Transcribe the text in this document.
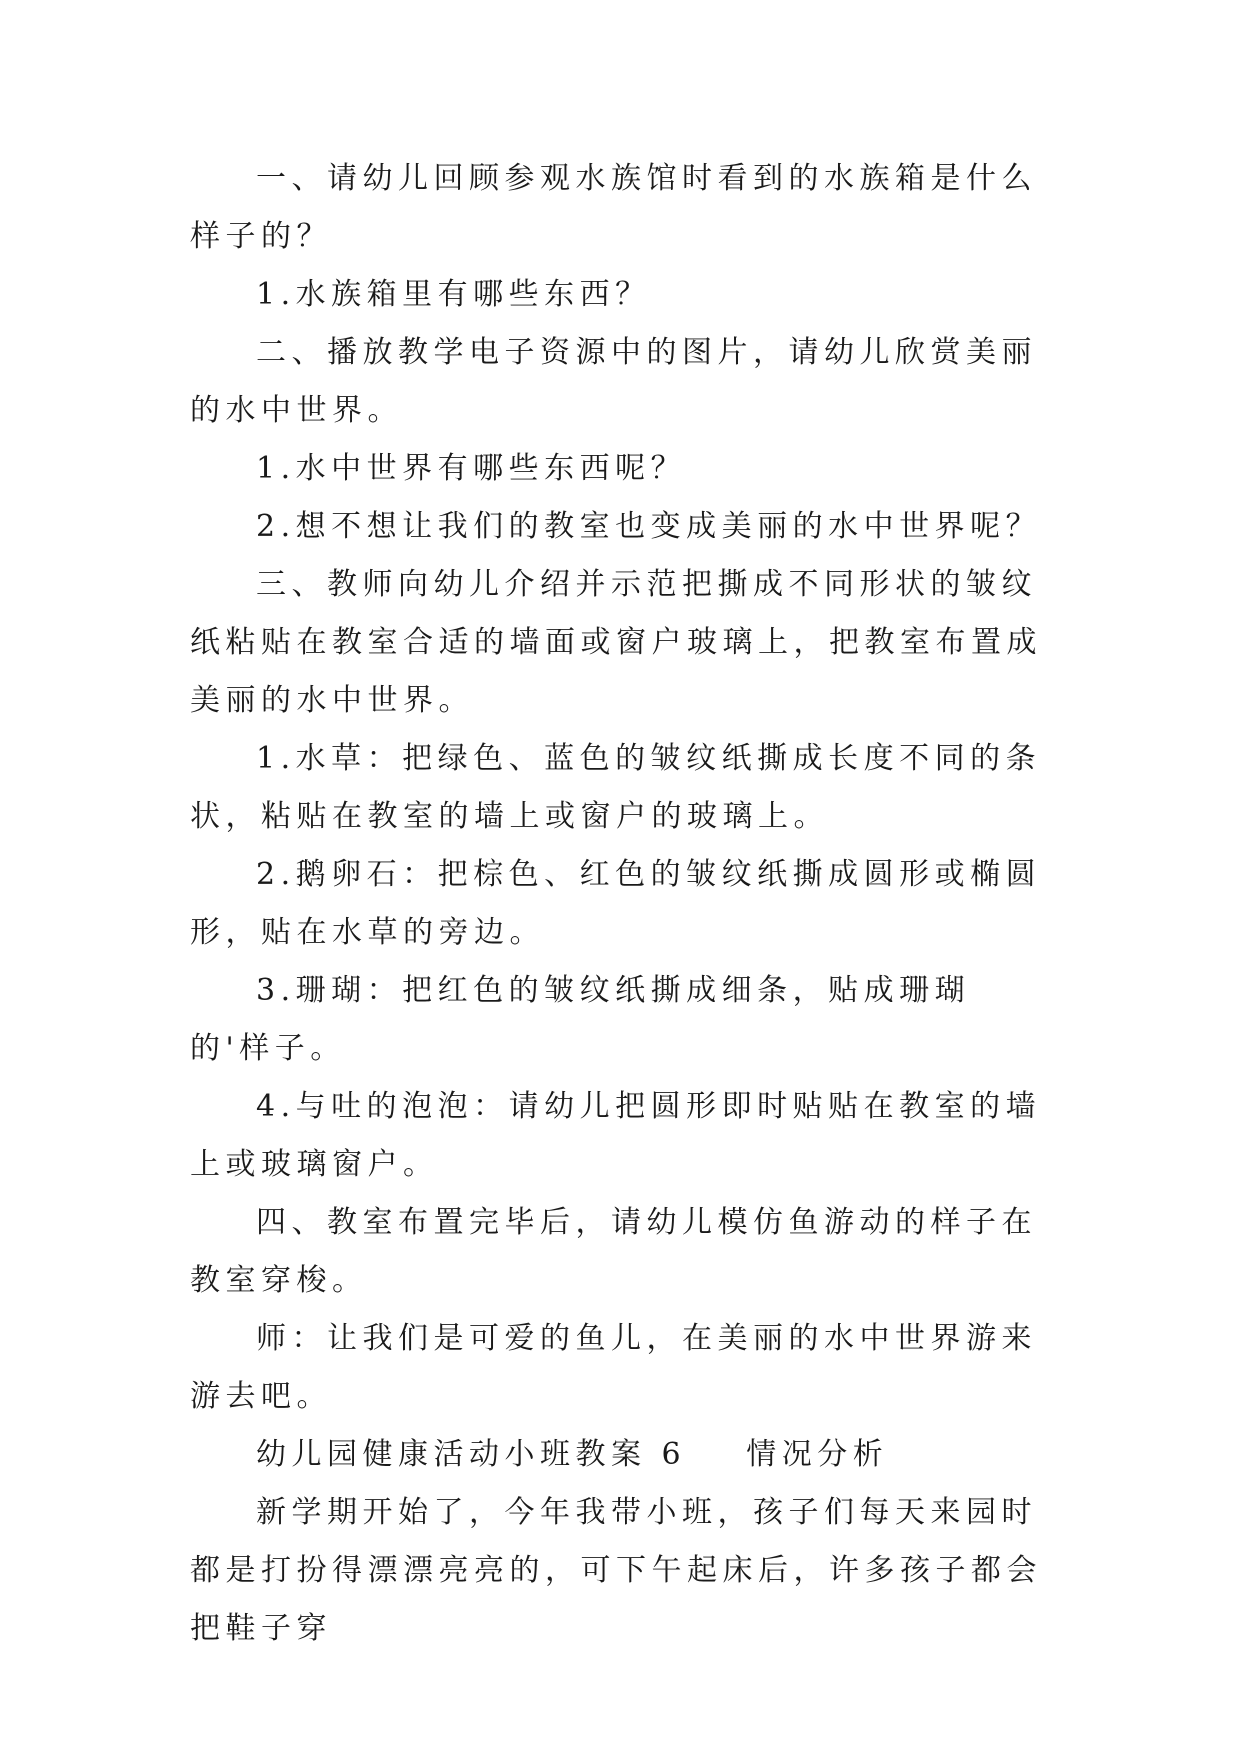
一、请幼儿回顾参观水族馆时看到的水族箱是什么样子的？

1.水族箱里有哪些东西？

二、播放教学电子资源中的图片，请幼儿欣赏美丽的水中世界。

1.水中世界有哪些东西呢？

2.想不想让我们的教室也变成美丽的水中世界呢？

三、教师向幼儿介绍并示范把撕成不同形状的皱纹纸粘贴在教室合适的墙面或窗户玻璃上，把教室布置成美丽的水中世界。

1.水草：把绿色、蓝色的皱纹纸撕成长度不同的条状，粘贴在教室的墙上或窗户的玻璃上。

2.鹅卵石：把棕色、红色的皱纹纸撕成圆形或椭圆形，贴在水草的旁边。

3.珊瑚：把红色的皱纹纸撕成细条，贴成珊瑚的'样子。

4.与吐的泡泡：请幼儿把圆形即时贴贴在教室的墙上或玻璃窗户。

四、教室布置完毕后，请幼儿模仿鱼游动的样子在教室穿梭。

师：让我们是可爱的鱼儿，在美丽的水中世界游来游去吧。

幼儿园健康活动小班教案 6    情况分析

新学期开始了，今年我带小班，孩子们每天来园时都是打扮得漂漂亮亮的，可下午起床后，许多孩子都会把鞋子穿
